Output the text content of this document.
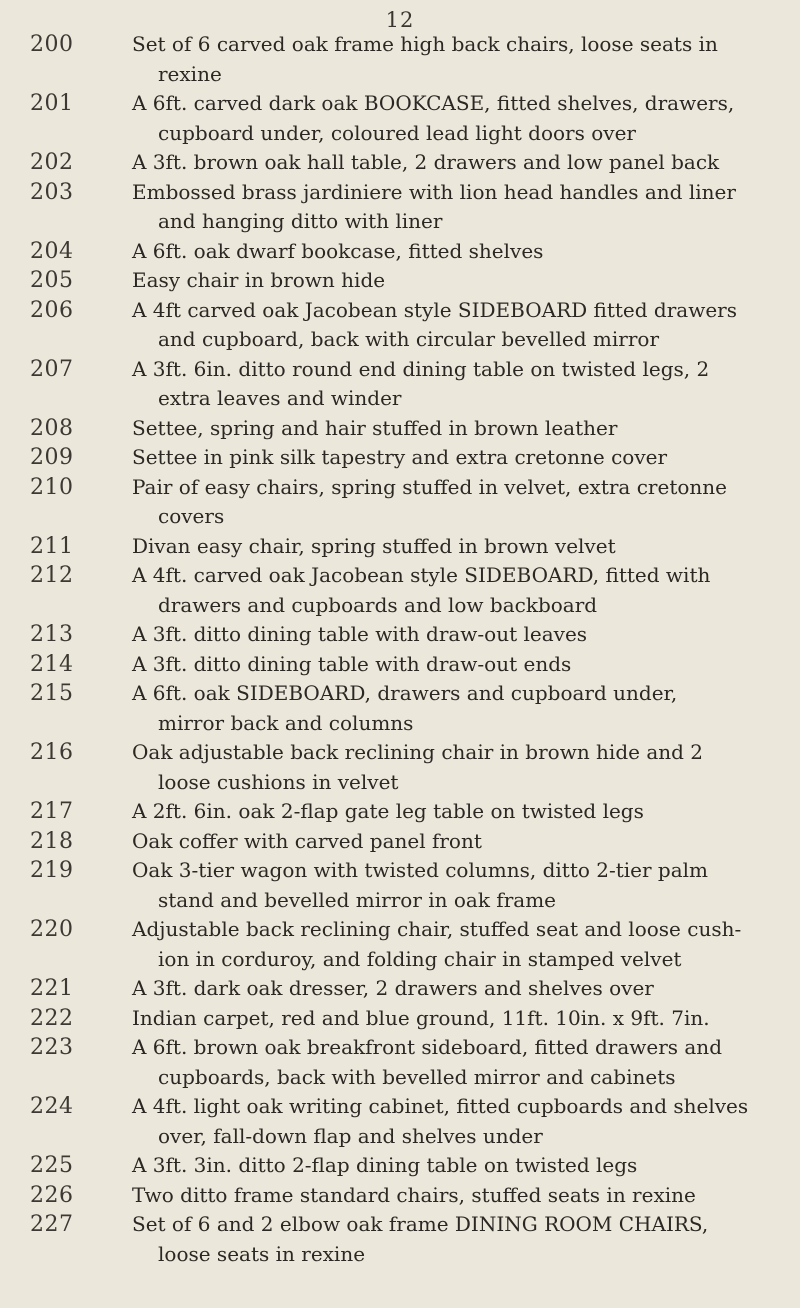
12
200	Set of 6 carved oak frame high back chairs, loose seats in
rexine
201	A 6ft. carved dark oak BOOKCASE, fitted shelves, drawers,
cupboard under, coloured lead light doors over
202	A 3ft. brown oak hall table, 2 drawers and low panel back
203	Embossed brass jardiniere with lion head handles and liner
and hanging ditto with liner
204	A 6ft. oak dwarf bookcase, fitted shelves
205	Easy chair in brown hide
206	A 4ft carved oak Jacobean style SIDEBOARD fitted drawers
and cupboard, back with circular bevelled mirror
207	A 3ft. 6in. ditto round end dining table on twisted legs, 2
extra leaves and winder
208	Settee, spring and hair stuffed in brown leather
209	Settee in pink silk tapestry and extra cretonne cover
210	Pair of easy chairs, spring stuffed in velvet, extra cretonne
covers
211	Divan easy chair, spring stuffed in brown velvet
212	A 4ft. carved oak Jacobean style SIDEBOARD, fitted with
drawers and cupboards and low backboard
213	A 3ft. ditto dining table with draw-out leaves
214	A 3ft. ditto dining table with draw-out ends
215	A 6ft. oak SIDEBOARD, drawers and cupboard under,
mirror back and columns
216	Oak adjustable back reclining chair in brown hide and 2
loose cushions in velvet
217	A 2ft. 6in. oak 2-flap gate leg table on twisted legs
218	Oak coffer with carved panel front
219	Oak 3-tier wagon with twisted columns, ditto 2-tier palm
stand and bevelled mirror in oak frame
220	Adjustable back reclining chair, stuffed seat and loose cush-
ion in corduroy, and folding chair in stamped velvet
221	A 3ft. dark oak dresser, 2 drawers and shelves over
222	Indian carpet, red and blue ground, 11ft. 10in. x 9ft. 7in.
223	A 6ft. brown oak breakfront sideboard, fitted drawers and
cupboards, back with bevelled mirror and cabinets
224	A 4ft. light oak writing cabinet, fitted cupboards and shelves
over, fall-down flap and shelves under
225	A 3ft. 3in. ditto 2-flap dining table on twisted legs
226	Two ditto frame standard chairs, stuffed seats in rexine
227	Set of 6 and 2 elbow oak frame DINING ROOM CHAIRS,
loose seats in rexine
